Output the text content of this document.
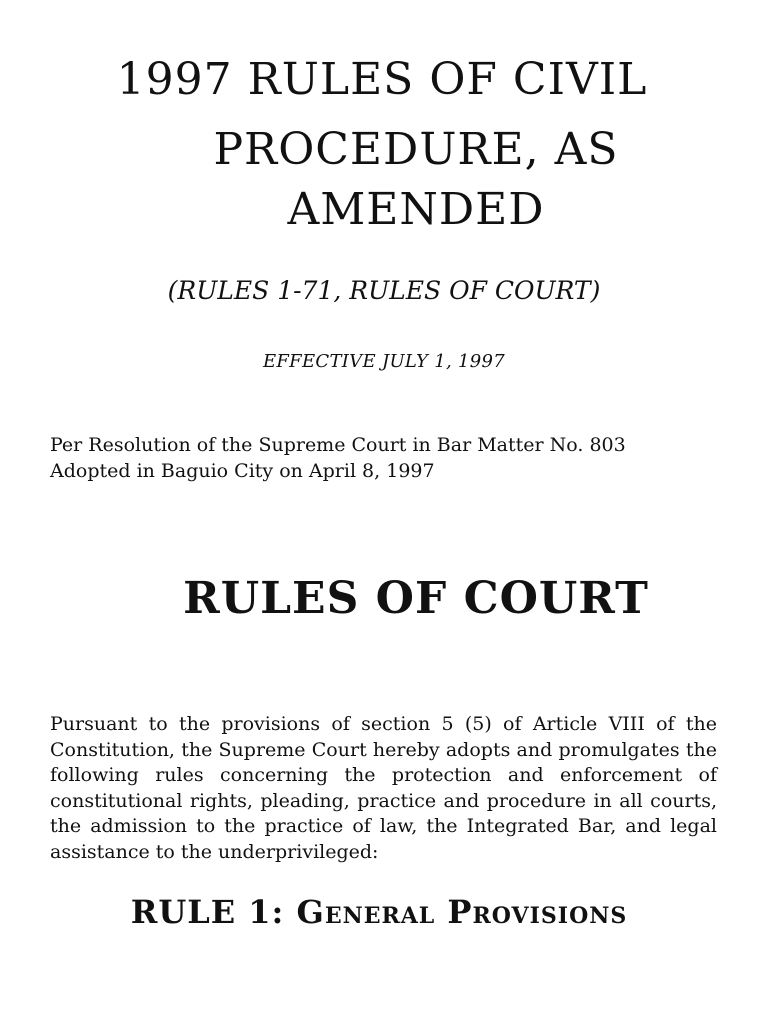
1997 RULES OF CIVIL
PROCEDURE, AS
AMENDED

(RULES 1-71, RULES OF COURT)

EFFECTIVE JULY 1, 1997

Per Resolution of the Supreme Court in Bar Matter No. 803
Adopted in Baguio City on April 8, 1997

RULES OF COURT

Pursuant to the provisions of section 5 (5) of Article VIII of the Constitution, the Supreme Court hereby adopts and promulgates the following rules concerning the protection and enforcement of constitutional rights, pleading, practice and procedure in all courts, the admission to the practice of law, the Integrated Bar, and legal assistance to the underprivileged:

RULE 1: General Provisions
